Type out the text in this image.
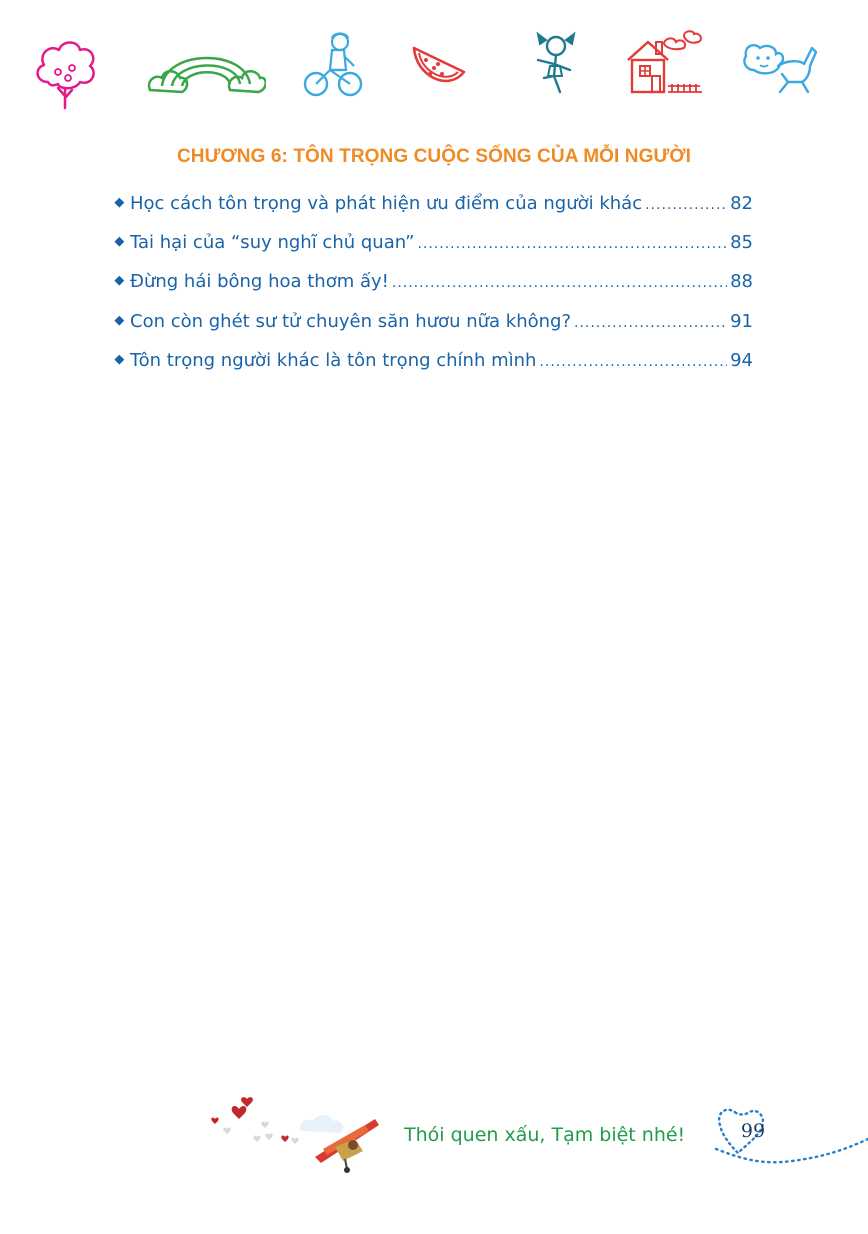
CHƯƠNG 6: TÔN TRỌNG CUỘC SỐNG CỦA MỖI NGƯỜI
Học cách tôn trọng và phát hiện ưu điểm của người khác .....	82
Tai hại của “suy nghĩ chủ quan” .....	85
Đừng hái bông hoa thơm ấy! .....	88
Con còn ghét sư tử chuyên săn hươu nữa không? .....	91
Tôn trọng người khác là tôn trọng chính mình .....	94
Thói quen xấu, Tạm biệt nhé!	99
